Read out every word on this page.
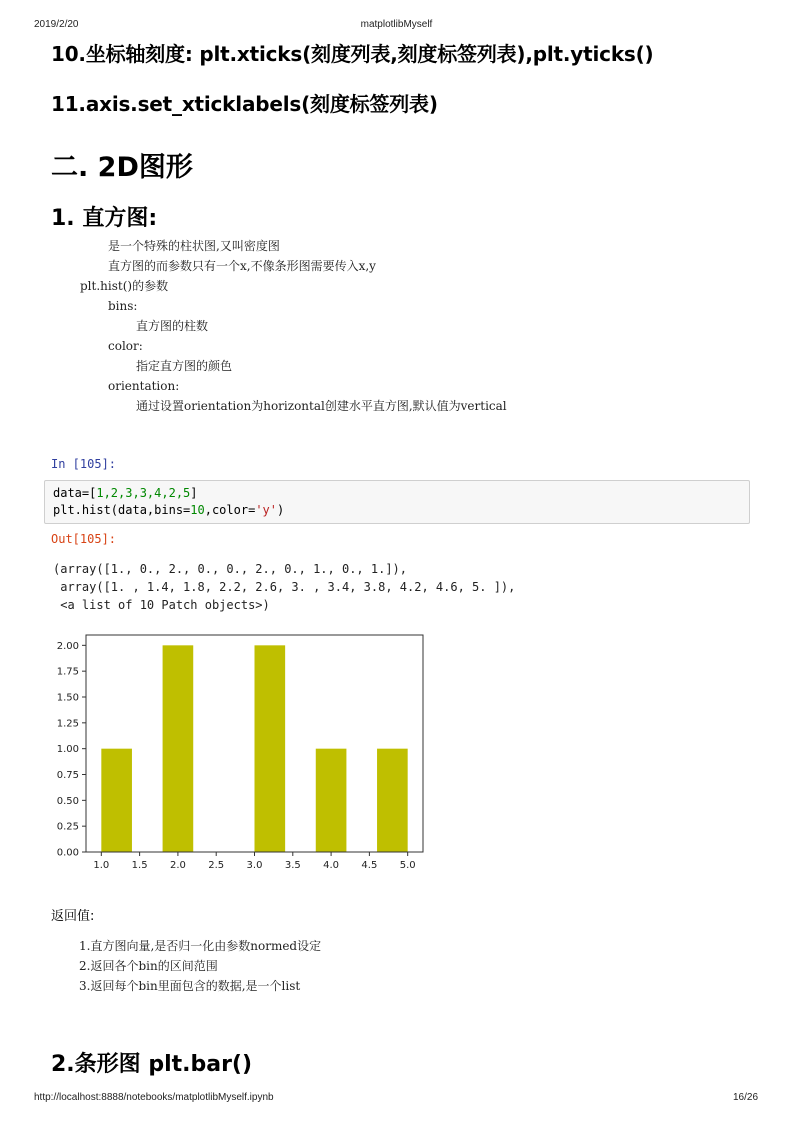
2019/2/20	matplotlibMyself
10.坐标轴刻度: plt.xticks(刻度列表,刻度标签列表),plt.yticks()
11.axis.set_xticklabels(刻度标签列表)
二. 2D图形
1. 直方图:
是一个特殊的柱状图,又叫密度图
直方图的而参数只有一个x,不像条形图需要传入x,y
plt.hist()的参数
bins:
直方图的柱数
color:
指定直方图的颜色
orientation:
通过设置orientation为horizontal创建水平直方图,默认值为vertical
In [105]:
data=[1,2,3,3,4,2,5]
plt.hist(data,bins=10,color='y')
Out[105]:
(array([1., 0., 2., 0., 0., 2., 0., 1., 0., 1.]),
array([1. , 1.4, 1.8, 2.2, 2.6, 3. , 3.4, 3.8, 4.2, 4.6, 5. ]),
<a list of 10 Patch objects>)
0.00
0.25
0.50
0.75
1.00
1.25
1.50
1.75
2.00
1.0 1.5 2.0 2.5 3.0 3.5 4.0 4.5 5.0
返回值:
1.直方图向量,是否归一化由参数normed设定
2.返回各个bin的区间范围
3.返回每个bin里面包含的数据,是一个list
2.条形图 plt.bar()
http://localhost:8888/notebooks/matplotlibMyself.ipynb	16/26
